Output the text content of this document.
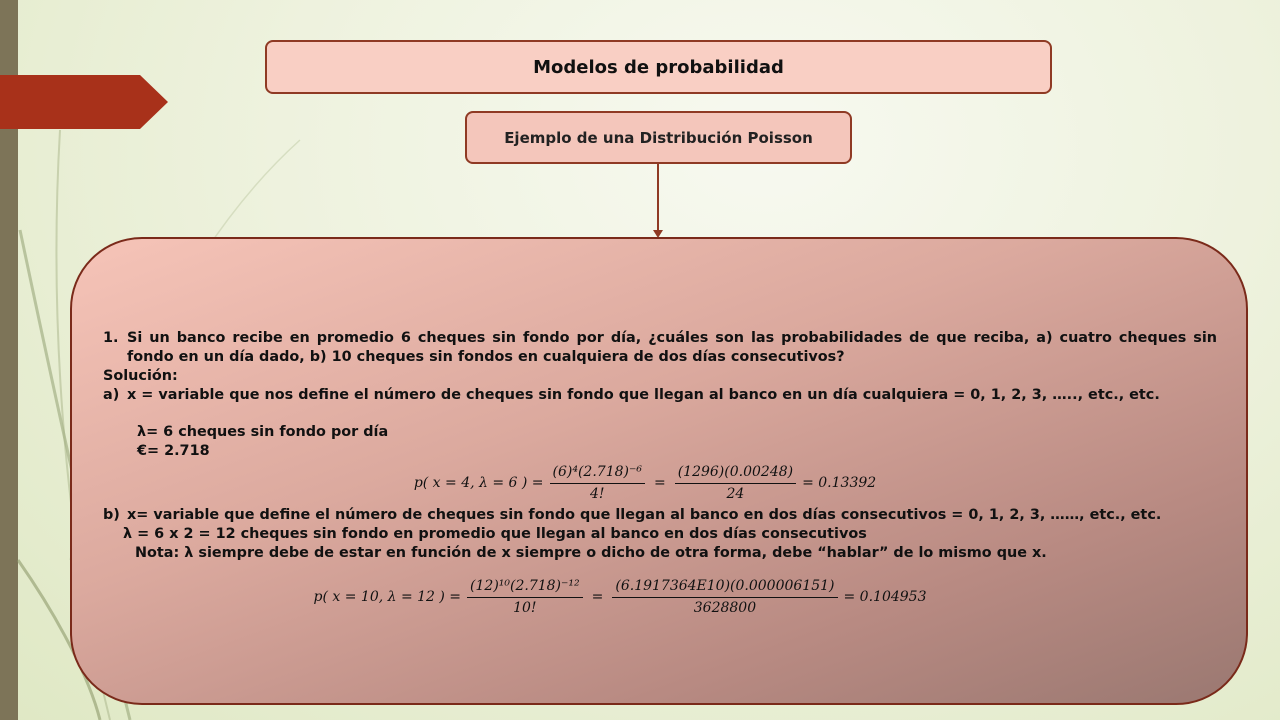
Modelos de probabilidad
Ejemplo de una Distribución Poisson
1. Si un banco recibe en promedio 6 cheques sin fondo por día, ¿cuáles son las probabilidades de que reciba, a) cuatro cheques sin fondo en un día dado, b) 10 cheques sin fondos en cualquiera de dos días consecutivos?
Solución:
a) x = variable que nos define el número de cheques sin fondo que llegan al banco en un día cualquiera = 0, 1, 2, 3, ….., etc., etc.
λ= 6 cheques sin fondo por día
€= 2.718
p( x = 4, λ = 6 ) = $\frac{\text{(6)⁴(2.718)⁻⁶}}{4!} = \frac{(1296)(0.00248)}{24} = 0.13392$
b) x= variable que define el número de cheques sin fondo que llegan al banco en dos días consecutivos = 0, 1, 2, 3, ……, etc., etc.
λ = 6 x 2 = 12 cheques sin fondo en promedio que llegan al banco en dos días consecutivos
Nota: λ siempre debe de estar en función de x siempre o dicho de otra forma, debe “hablar” de lo mismo que x.
p( x = 10, λ = 12 ) = $\frac{\text{(12)¹⁰(2.718)⁻¹²}}{10!} = \frac{(6.1917364E10)(0.000006151)}{3628800} = 0.104953$
